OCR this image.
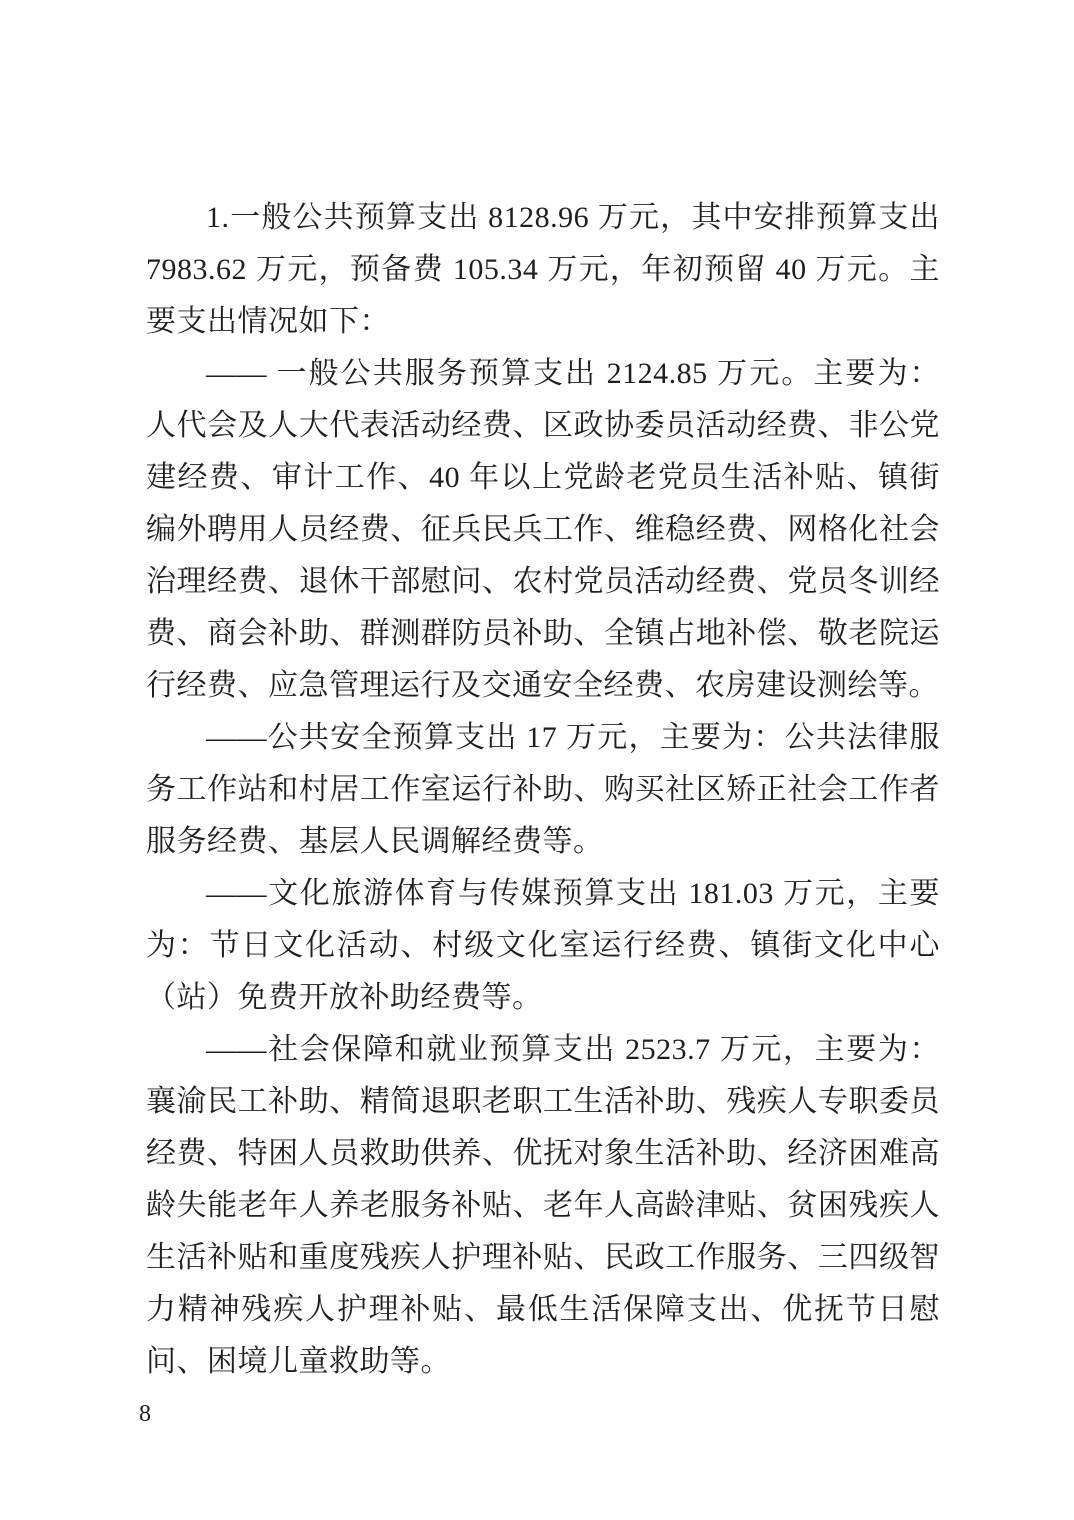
1.一般公共预算支出 8128.96 万元，其中安排预算支出 7983.62 万元，预备费 105.34 万元，年初预留 40 万元。主要支出情况如下：

—— 一般公共服务预算支出 2124.85 万元。主要为：人代会及人大代表活动经费、区政协委员活动经费、非公党建经费、审计工作、40 年以上党龄老党员生活补贴、镇街编外聘用人员经费、征兵民兵工作、维稳经费、网格化社会治理经费、退休干部慰问、农村党员活动经费、党员冬训经费、商会补助、群测群防员补助、全镇占地补偿、敬老院运行经费、应急管理运行及交通安全经费、农房建设测绘等。

——公共安全预算支出 17 万元，主要为：公共法律服务工作站和村居工作室运行补助、购买社区矫正社会工作者服务经费、基层人民调解经费等。

——文化旅游体育与传媒预算支出 181.03 万元，主要为：节日文化活动、村级文化室运行经费、镇街文化中心（站）免费开放补助经费等。

——社会保障和就业预算支出 2523.7 万元，主要为：襄渝民工补助、精简退职老职工生活补助、残疾人专职委员经费、特困人员救助供养、优抚对象生活补助、经济困难高龄失能老年人养老服务补贴、老年人高龄津贴、贫困残疾人生活补贴和重度残疾人护理补贴、民政工作服务、三四级智力精神残疾人护理补贴、最低生活保障支出、优抚节日慰问、困境儿童救助等。

8
